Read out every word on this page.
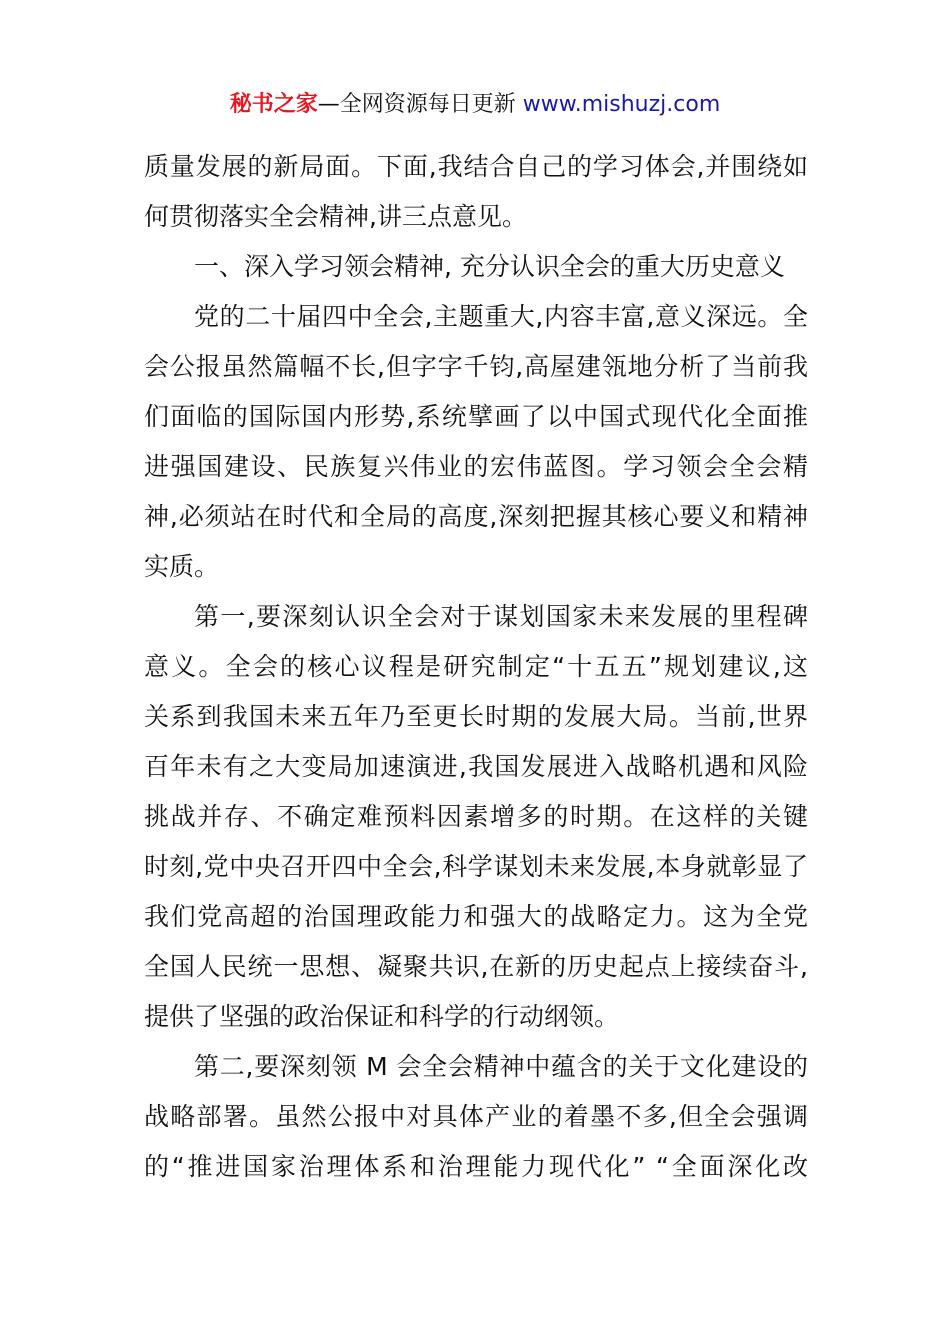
秘书之家—全网资源每日更新 www.mishuzj.com
质量发展的新局面。下面,我结合自己的学习体会,并围绕如
何贯彻落实全会精神,讲三点意见。
一、深入学习领会精神, 充分认识全会的重大历史意义
党的二十届四中全会,主题重大,内容丰富,意义深远。全
会公报虽然篇幅不长,但字字千钧,高屋建瓴地分析了当前我
们面临的国际国内形势,系统擘画了以中国式现代化全面推
进强国建设、民族复兴伟业的宏伟蓝图。学习领会全会精
神,必须站在时代和全局的高度,深刻把握其核心要义和精神
实质。
第一,要深刻认识全会对于谋划国家未来发展的里程碑
意义。全会的核心议程是研究制定“十五五”规划建议,这
关系到我国未来五年乃至更长时期的发展大局。当前,世界
百年未有之大变局加速演进,我国发展进入战略机遇和风险
挑战并存、不确定难预料因素增多的时期。在这样的关键
时刻,党中央召开四中全会,科学谋划未来发展,本身就彰显了
我们党高超的治国理政能力和强大的战略定力。这为全党
全国人民统一思想、凝聚共识,在新的历史起点上接续奋斗,
提供了坚强的政治保证和科学的行动纲领。
第二,要深刻领 M 会全会精神中蕴含的关于文化建设的
战略部署。虽然公报中对具体产业的着墨不多,但全会强调
的“推进国家治理体系和治理能力现代化” “全面深化改
